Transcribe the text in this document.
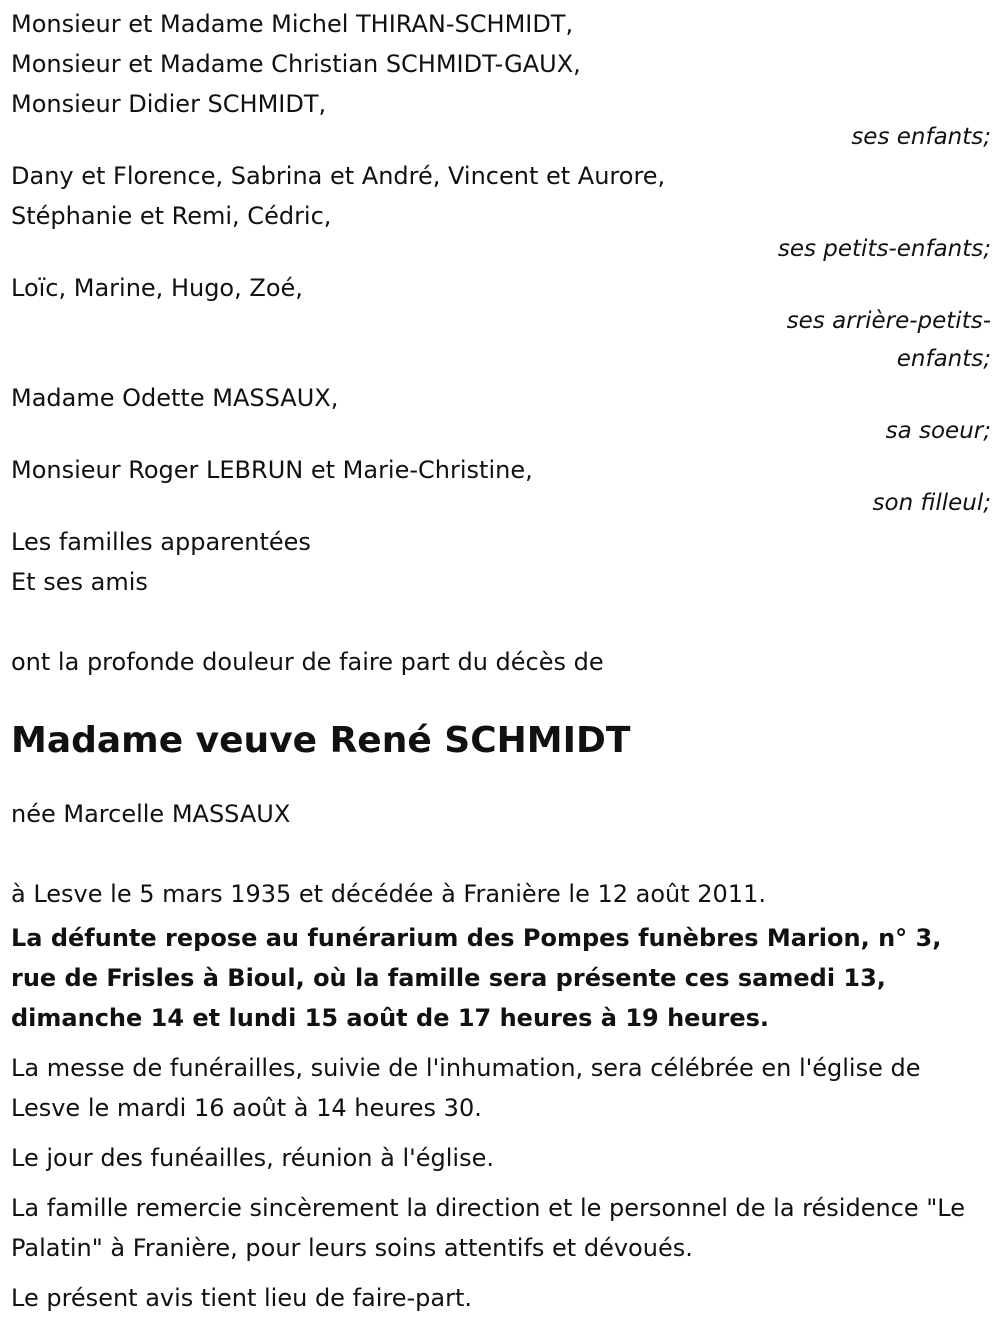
Monsieur et Madame Michel THIRAN-SCHMIDT,
Monsieur et Madame Christian SCHMIDT-GAUX,
Monsieur Didier SCHMIDT,
ses enfants;
Dany et Florence, Sabrina et André, Vincent et Aurore,
Stéphanie et Remi, Cédric,
ses petits-enfants;
Loïc, Marine, Hugo, Zoé,
ses arrière-petits-
enfants;
Madame Odette MASSAUX,
sa soeur;
Monsieur Roger LEBRUN et Marie-Christine,
son filleul;
Les familles apparentées
Et ses amis
ont la profonde douleur de faire part du décès de
Madame veuve René SCHMIDT
née Marcelle MASSAUX
à Lesve le 5 mars 1935 et décédée à Franière le 12 août 2011.
La défunte repose au funérarium des Pompes funèbres Marion, n° 3, rue de Frisles à Bioul, où la famille sera présente ces samedi 13, dimanche 14 et lundi 15 août de 17 heures à 19 heures.
La messe de funérailles, suivie de l'inhumation, sera célébrée en l'église de Lesve le mardi 16 août à 14 heures 30.
Le jour des funéailles, réunion à l'église.
La famille remercie sincèrement la direction et le personnel de la résidence "Le Palatin" à Franière, pour leurs soins attentifs et dévoués.
Le présent avis tient lieu de faire-part.
